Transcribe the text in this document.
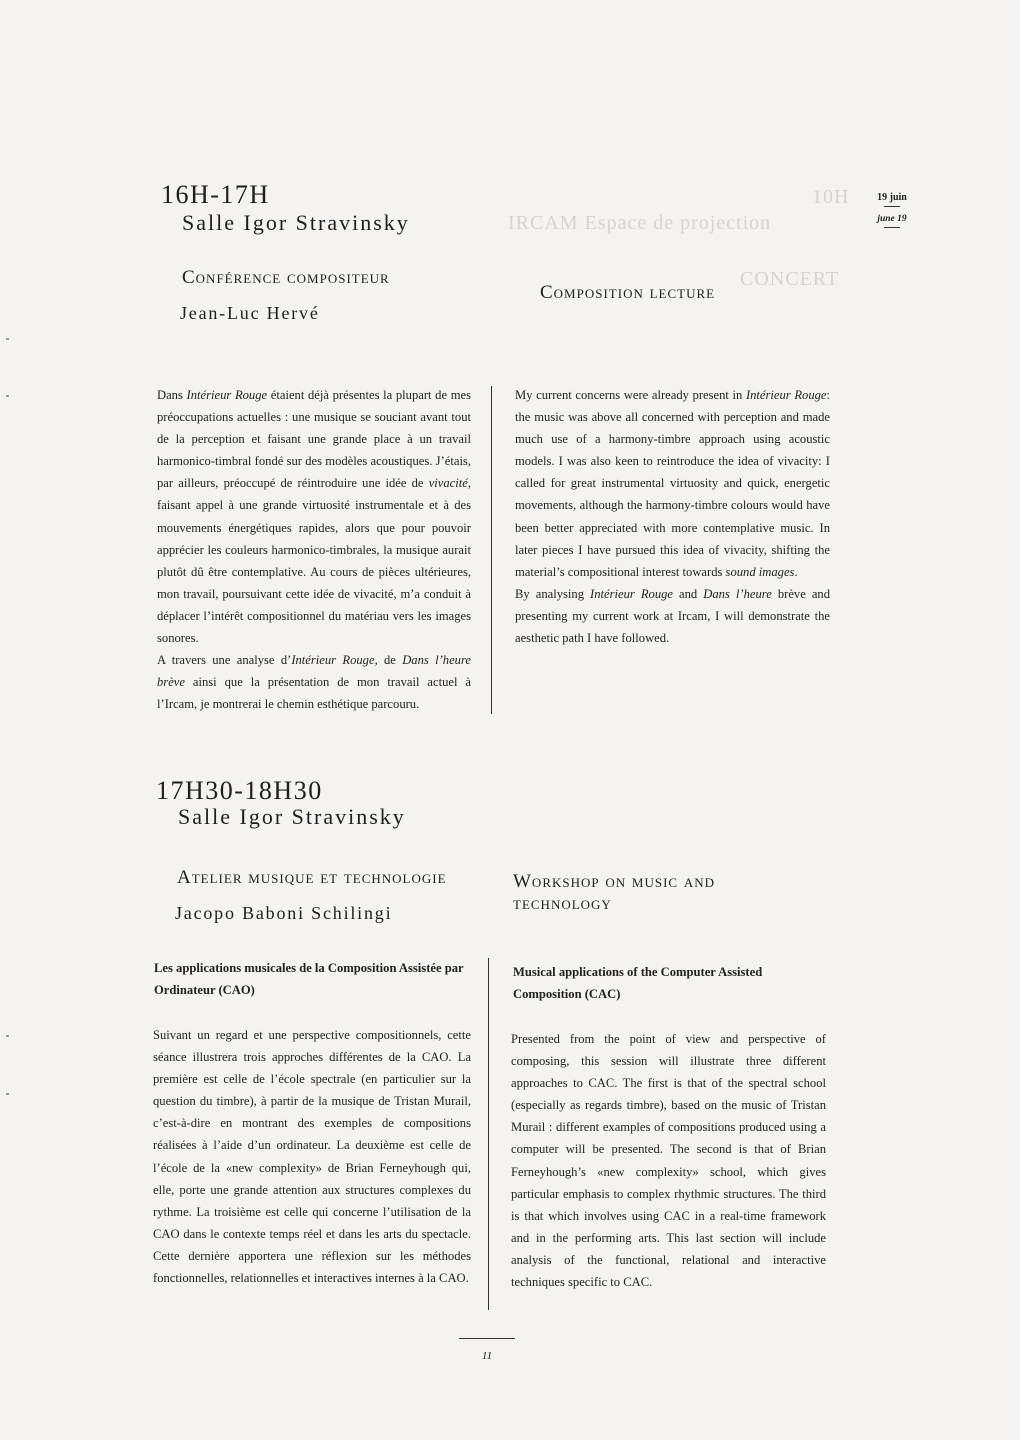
10H
IRCAM Espace de projection
CONCERT
19 juin
june 19
16H-17H
Salle Igor Stravinsky
Conférence compositeur
Jean-Luc Hervé
Composition lecture

Dans Intérieur Rouge étaient déjà présentes la plupart de mes préoccupations actuelles : une musique se souciant avant tout de la perception et faisant une grande place à un travail harmonico-timbral fondé sur des modèles acoustiques. J’étais, par ailleurs, préoccupé de réintroduire une idée de vivacité, faisant appel à une grande virtuosité instrumentale et à des mouvements énergétiques rapides, alors que pour pouvoir apprécier les couleurs harmonico-timbrales, la musique aurait plutôt dû être contemplative. Au cours de pièces ultérieures, mon travail, poursuivant cette idée de vivacité, m’a conduit à déplacer l’intérêt compositionnel du matériau vers les images sonores.

A travers une analyse d’Intérieur Rouge, de Dans l’heure brève ainsi que la présentation de mon travail actuel à l’Ircam, je montrerai le chemin esthétique parcouru.

My current concerns were already present in Intérieur Rouge: the music was above all concerned with perception and made much use of a harmony-timbre approach using acoustic models. I was also keen to reintroduce the idea of vivacity: I called for great instrumental virtuosity and quick, energetic movements, although the harmony-timbre colours would have been better appreciated with more contemplative music. In later pieces I have pursued this idea of vivacity, shifting the material’s compositional interest towards sound images.

By analysing Intérieur Rouge and Dans l’heure brève and presenting my current work at Ircam, I will demonstrate the aesthetic path I have followed.

17H30-18H30
Salle Igor Stravinsky
Atelier musique et technologie
Jacopo Baboni Schilingi
Workshop on music and technology
Les applications musicales de la Composition Assistée par Ordinateur (CAO)
Musical applications of the Computer Assisted Composition (CAC)

Suivant un regard et une perspective compositionnels, cette séance illustrera trois approches différentes de la CAO. La première est celle de l’école spectrale (en particulier sur la question du timbre), à partir de la musique de Tristan Murail, c’est-à-dire en montrant des exemples de compositions réalisées à l’aide d’un ordinateur. La deuxième est celle de l’école de la «new complexity» de Brian Ferneyhough qui, elle, porte une grande attention aux structures complexes du rythme. La troisième est celle qui concerne l’utilisation de la CAO dans le contexte temps réel et dans les arts du spectacle. Cette dernière apportera une réflexion sur les méthodes fonctionnelles, relationnelles et interactives internes à la CAO.

Presented from the point of view and perspective of composing, this session will illustrate three different approaches to CAC. The first is that of the spectral school (especially as regards timbre), based on the music of Tristan Murail : different examples of compositions produced using a computer will be presented. The second is that of Brian Ferneyhough’s «new complexity» school, which gives particular emphasis to complex rhythmic structures. The third is that which involves using CAC in a real-time framework and in the performing arts. This last section will include analysis of the functional, relational and interactive techniques specific to CAC.

11
